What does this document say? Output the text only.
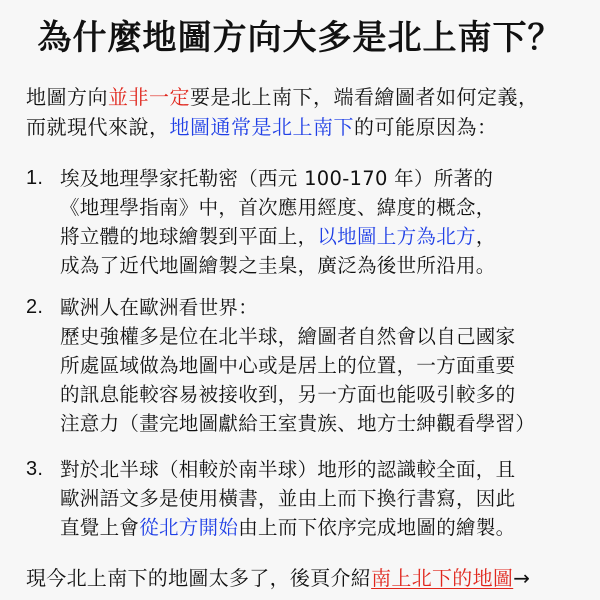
為什麼地圖方向大多是北上南下？

地圖方向並非一定要是北上南下，端看繪圖者如何定義，

而就現代來說，地圖通常是北上南下的可能原因為：

1. 埃及地理學家托勒密（西元 100-170 年）所著的
《地理學指南》中，首次應用經度、緯度的概念，
將立體的地球繪製到平面上，以地圖上方為北方，
成為了近代地圖繪製之圭臬，廣泛為後世所沿用。
2. 歐洲人在歐洲看世界：
歷史強權多是位在北半球，繪圖者自然會以自己國家
所處區域做為地圖中心或是居上的位置，一方面重要
的訊息能較容易被接收到，另一方面也能吸引較多的
注意力（畫完地圖獻給王室貴族、地方士紳觀看學習）
3. 對於北半球（相較於南半球）地形的認識較全面，且
歐洲語文多是使用橫書，並由上而下換行書寫，因此
直覺上會從北方開始由上而下依序完成地圖的繪製。
現今北上南下的地圖太多了，後頁介紹南上北下的地圖→
